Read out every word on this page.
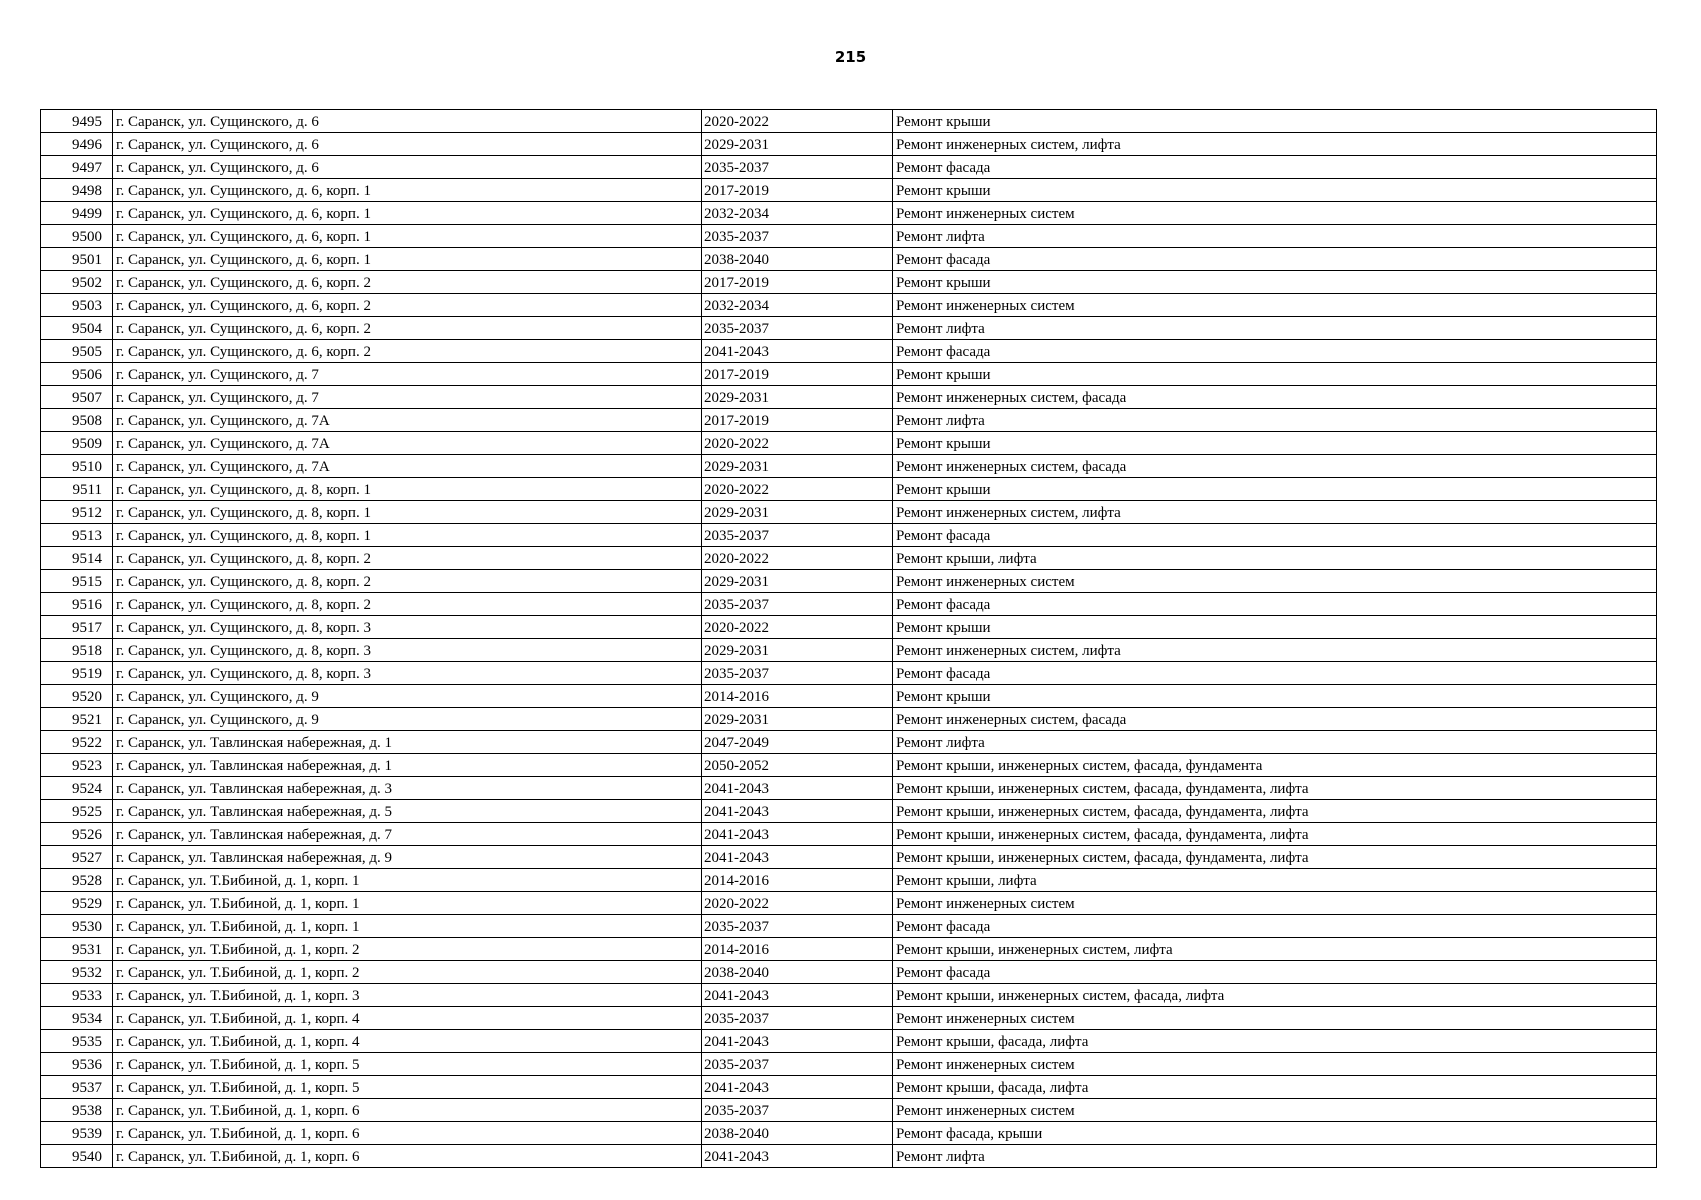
215
9495	г. Саранск, ул. Сущинского, д. 6	2020-2022	Ремонт крыши
9496	г. Саранск, ул. Сущинского, д. 6	2029-2031	Ремонт инженерных систем, лифта
9497	г. Саранск, ул. Сущинского, д. 6	2035-2037	Ремонт фасада
9498	г. Саранск, ул. Сущинского, д. 6, корп. 1	2017-2019	Ремонт крыши
9499	г. Саранск, ул. Сущинского, д. 6, корп. 1	2032-2034	Ремонт инженерных систем
9500	г. Саранск, ул. Сущинского, д. 6, корп. 1	2035-2037	Ремонт лифта
9501	г. Саранск, ул. Сущинского, д. 6, корп. 1	2038-2040	Ремонт фасада
9502	г. Саранск, ул. Сущинского, д. 6, корп. 2	2017-2019	Ремонт крыши
9503	г. Саранск, ул. Сущинского, д. 6, корп. 2	2032-2034	Ремонт инженерных систем
9504	г. Саранск, ул. Сущинского, д. 6, корп. 2	2035-2037	Ремонт лифта
9505	г. Саранск, ул. Сущинского, д. 6, корп. 2	2041-2043	Ремонт фасада
9506	г. Саранск, ул. Сущинского, д. 7	2017-2019	Ремонт крыши
9507	г. Саранск, ул. Сущинского, д. 7	2029-2031	Ремонт инженерных систем, фасада
9508	г. Саранск, ул. Сущинского, д. 7А	2017-2019	Ремонт лифта
9509	г. Саранск, ул. Сущинского, д. 7А	2020-2022	Ремонт крыши
9510	г. Саранск, ул. Сущинского, д. 7А	2029-2031	Ремонт инженерных систем, фасада
9511	г. Саранск, ул. Сущинского, д. 8, корп. 1	2020-2022	Ремонт крыши
9512	г. Саранск, ул. Сущинского, д. 8, корп. 1	2029-2031	Ремонт инженерных систем, лифта
9513	г. Саранск, ул. Сущинского, д. 8, корп. 1	2035-2037	Ремонт фасада
9514	г. Саранск, ул. Сущинского, д. 8, корп. 2	2020-2022	Ремонт крыши, лифта
9515	г. Саранск, ул. Сущинского, д. 8, корп. 2	2029-2031	Ремонт инженерных систем
9516	г. Саранск, ул. Сущинского, д. 8, корп. 2	2035-2037	Ремонт фасада
9517	г. Саранск, ул. Сущинского, д. 8, корп. 3	2020-2022	Ремонт крыши
9518	г. Саранск, ул. Сущинского, д. 8, корп. 3	2029-2031	Ремонт инженерных систем, лифта
9519	г. Саранск, ул. Сущинского, д. 8, корп. 3	2035-2037	Ремонт фасада
9520	г. Саранск, ул. Сущинского, д. 9	2014-2016	Ремонт крыши
9521	г. Саранск, ул. Сущинского, д. 9	2029-2031	Ремонт инженерных систем, фасада
9522	г. Саранск, ул. Тавлинская набережная, д. 1	2047-2049	Ремонт лифта
9523	г. Саранск, ул. Тавлинская набережная, д. 1	2050-2052	Ремонт крыши, инженерных систем, фасада, фундамента
9524	г. Саранск, ул. Тавлинская набережная, д. 3	2041-2043	Ремонт крыши, инженерных систем, фасада, фундамента, лифта
9525	г. Саранск, ул. Тавлинская набережная, д. 5	2041-2043	Ремонт крыши, инженерных систем, фасада, фундамента, лифта
9526	г. Саранск, ул. Тавлинская набережная, д. 7	2041-2043	Ремонт крыши, инженерных систем, фасада, фундамента, лифта
9527	г. Саранск, ул. Тавлинская набережная, д. 9	2041-2043	Ремонт крыши, инженерных систем, фасада, фундамента, лифта
9528	г. Саранск, ул. Т.Бибиной, д. 1, корп. 1	2014-2016	Ремонт крыши, лифта
9529	г. Саранск, ул. Т.Бибиной, д. 1, корп. 1	2020-2022	Ремонт инженерных систем
9530	г. Саранск, ул. Т.Бибиной, д. 1, корп. 1	2035-2037	Ремонт фасада
9531	г. Саранск, ул. Т.Бибиной, д. 1, корп. 2	2014-2016	Ремонт крыши, инженерных систем, лифта
9532	г. Саранск, ул. Т.Бибиной, д. 1, корп. 2	2038-2040	Ремонт фасада
9533	г. Саранск, ул. Т.Бибиной, д. 1, корп. 3	2041-2043	Ремонт крыши, инженерных систем, фасада, лифта
9534	г. Саранск, ул. Т.Бибиной, д. 1, корп. 4	2035-2037	Ремонт инженерных систем
9535	г. Саранск, ул. Т.Бибиной, д. 1, корп. 4	2041-2043	Ремонт крыши, фасада, лифта
9536	г. Саранск, ул. Т.Бибиной, д. 1, корп. 5	2035-2037	Ремонт инженерных систем
9537	г. Саранск, ул. Т.Бибиной, д. 1, корп. 5	2041-2043	Ремонт крыши, фасада, лифта
9538	г. Саранск, ул. Т.Бибиной, д. 1, корп. 6	2035-2037	Ремонт инженерных систем
9539	г. Саранск, ул. Т.Бибиной, д. 1, корп. 6	2038-2040	Ремонт фасада, крыши
9540	г. Саранск, ул. Т.Бибиной, д. 1, корп. 6	2041-2043	Ремонт лифта
